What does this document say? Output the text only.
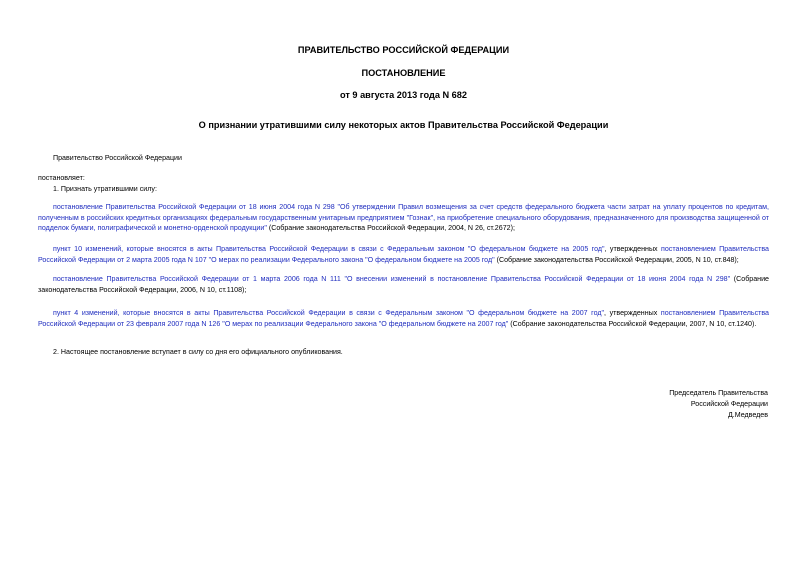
ПРАВИТЕЛЬСТВО РОССИЙСКОЙ ФЕДЕРАЦИИ
ПОСТАНОВЛЕНИЕ
от 9 августа 2013 года N 682
О признании утратившими силу некоторых актов Правительства Российской Федерации
Правительство Российской Федерации
постановляет:
1. Признать утратившими силу:
постановление Правительства Российской Федерации от 18 июня 2004 года N 298 "Об утверждении Правил возмещения за счет средств федерального бюджета части затрат на уплату процентов по кредитам, полученным в российских кредитных организациях федеральным государственным унитарным предприятием "Гознак", на приобретение специального оборудования, предназначенного для производства защищенной от подделок бумаги, полиграфической и монетно-орденской продукции" (Собрание законодательства Российской Федерации, 2004, N 26, ст.2672);
пункт 10 изменений, которые вносятся в акты Правительства Российской Федерации в связи с Федеральным законом "О федеральном бюджете на 2005 год", утвержденных постановлением Правительства Российской Федерации от 2 марта 2005 года N 107 "О мерах по реализации Федерального закона "О федеральном бюджете на 2005 год" (Собрание законодательства Российской Федерации, 2005, N 10, ст.848);
постановление Правительства Российской Федерации от 1 марта 2006 года N 111 "О внесении изменений в постановление Правительства Российской Федерации от 18 июня 2004 года N 298" (Собрание законодательства Российской Федерации, 2006, N 10, ст.1108);
пункт 4 изменений, которые вносятся в акты Правительства Российской Федерации в связи с Федеральным законом "О федеральном бюджете на 2007 год", утвержденных постановлением Правительства Российской Федерации от 23 февраля 2007 года N 126 "О мерах по реализации Федерального закона "О федеральном бюджете на 2007 год" (Собрание законодательства Российской Федерации, 2007, N 10, ст.1240).
2. Настоящее постановление вступает в силу со дня его официального опубликования.
Председатель Правительства
Российской Федерации
Д.Медведев
